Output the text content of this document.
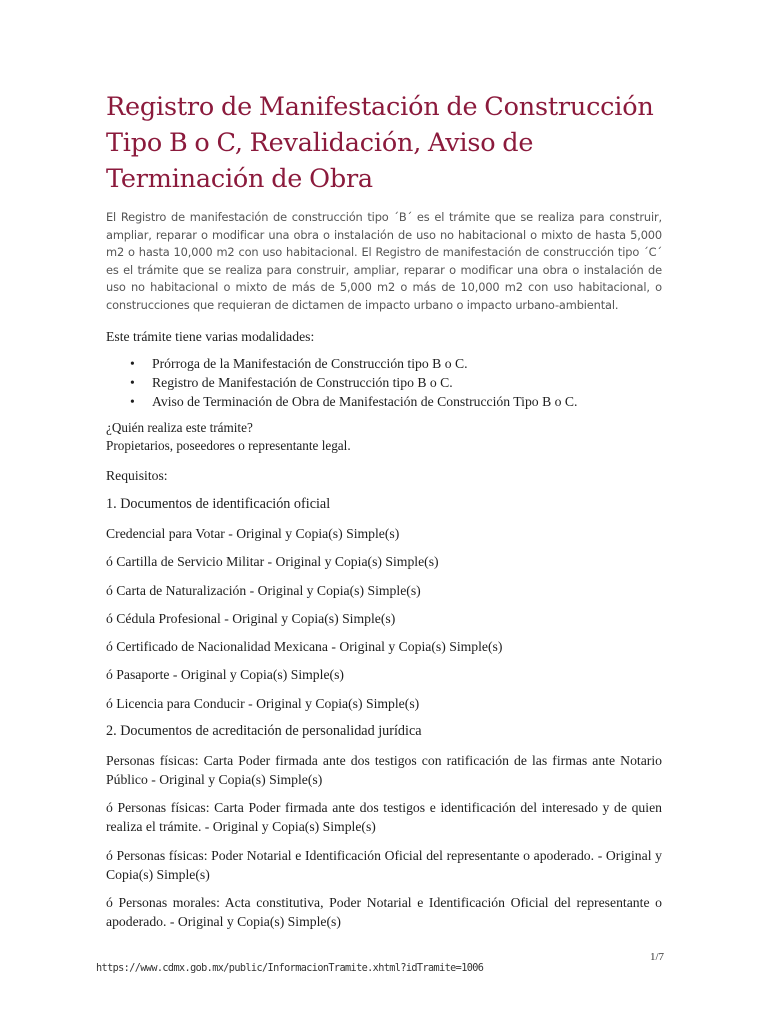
Registro de Manifestación de Construcción Tipo B o C, Revalidación, Aviso de Terminación de Obra

El Registro de manifestación de construcción tipo ´B´ es el trámite que se realiza para construir, ampliar, reparar o modificar una obra o instalación de uso no habitacional o mixto de hasta 5,000 m2 o hasta 10,000 m2 con uso habitacional. El Registro de manifestación de construcción tipo ´C´ es el trámite que se realiza para construir, ampliar, reparar o modificar una obra o instalación de uso no habitacional o mixto de más de 5,000 m2 o más de 10,000 m2 con uso habitacional, o construcciones que requieran de dictamen de impacto urbano o impacto urbano-ambiental.

Este trámite tiene varias modalidades:

• Prórroga de la Manifestación de Construcción tipo B o C.
• Registro de Manifestación de Construcción tipo B o C.
• Aviso de Terminación de Obra de Manifestación de Construcción Tipo B o C.
¿Quién realiza este trámite?
Propietarios, poseedores o representante legal.

Requisitos:

1. Documentos de identificación oficial
Credencial para Votar - Original y Copia(s) Simple(s)
ó Cartilla de Servicio Militar - Original y Copia(s) Simple(s)
ó Carta de Naturalización - Original y Copia(s) Simple(s)
ó Cédula Profesional - Original y Copia(s) Simple(s)
ó Certificado de Nacionalidad Mexicana - Original y Copia(s) Simple(s)
ó Pasaporte - Original y Copia(s) Simple(s)
ó Licencia para Conducir - Original y Copia(s) Simple(s)
2. Documentos de acreditación de personalidad jurídica
Personas físicas: Carta Poder firmada ante dos testigos con ratificación de las firmas ante Notario Público - Original y Copia(s) Simple(s)
ó Personas físicas: Carta Poder firmada ante dos testigos e identificación del interesado y de quien realiza el trámite. - Original y Copia(s) Simple(s)
ó Personas físicas: Poder Notarial e Identificación Oficial del representante o apoderado. - Original y Copia(s) Simple(s)
ó Personas morales: Acta constitutiva, Poder Notarial e Identificación Oficial del representante o apoderado. - Original y Copia(s) Simple(s)
1/7
https://www.cdmx.gob.mx/public/InformacionTramite.xhtml?idTramite=1006
